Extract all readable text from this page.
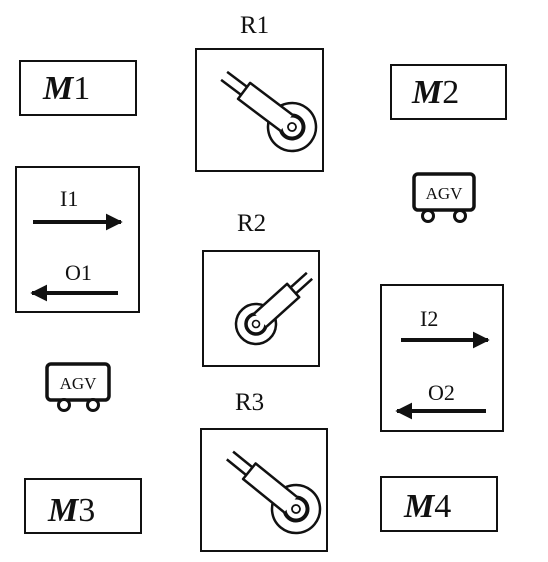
M1	M2
M3	M4
R1
R2
R3
I1
O1
I2
O2
AGV
AGV
